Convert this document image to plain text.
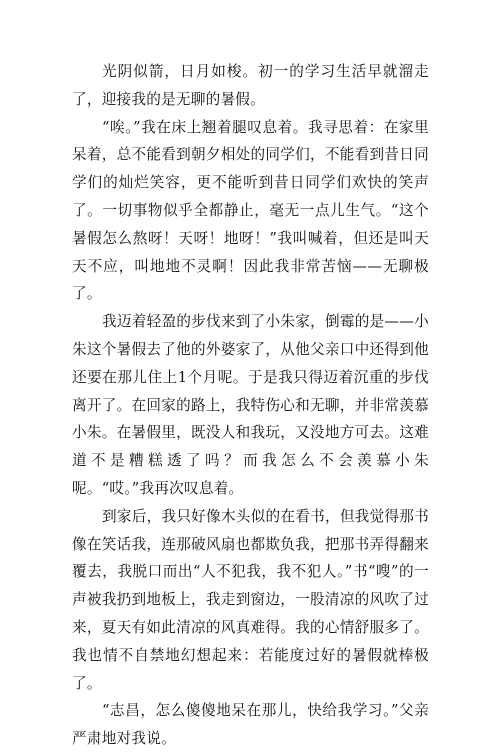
光阴似箭，日月如梭。初一的学习生活早就溜走了，迎接我的是无聊的暑假。

“唉。”我在床上翘着腿叹息着。我寻思着：在家里呆着，总不能看到朝夕相处的同学们，不能看到昔日同学们的灿烂笑容，更不能听到昔日同学们欢快的笑声了。一切事物似乎全都静止，毫无一点儿生气。“这个暑假怎么熬呀！天呀！地呀！”我叫喊着，但还是叫天天不应，叫地地不灵啊！因此我非常苦恼——无聊极了。

我迈着轻盈的步伐来到了小朱家，倒霉的是——小朱这个暑假去了他的外婆家了，从他父亲口中还得到他还要在那儿住上1个月呢。于是我只得迈着沉重的步伐离开了。在回家的路上，我特伤心和无聊，并非常羡慕小朱。在暑假里，既没人和我玩，又没地方可去。这难道不是糟糕透了吗？而我怎么不会羡慕小朱呢。“哎。”我再次叹息着。

到家后，我只好像木头似的在看书，但我觉得那书像在笑话我，连那破风扇也都欺负我，把那书弄得翻来覆去，我脱口而出“人不犯我，我不犯人。”书“嗖”的一声被我扔到地板上，我走到窗边，一股清凉的风吹了过来，夏天有如此清凉的风真难得。我的心情舒服多了。我也情不自禁地幻想起来：若能度过好的暑假就棒极了。

“志昌，怎么傻傻地呆在那儿，快给我学习。”父亲严肃地对我说。
